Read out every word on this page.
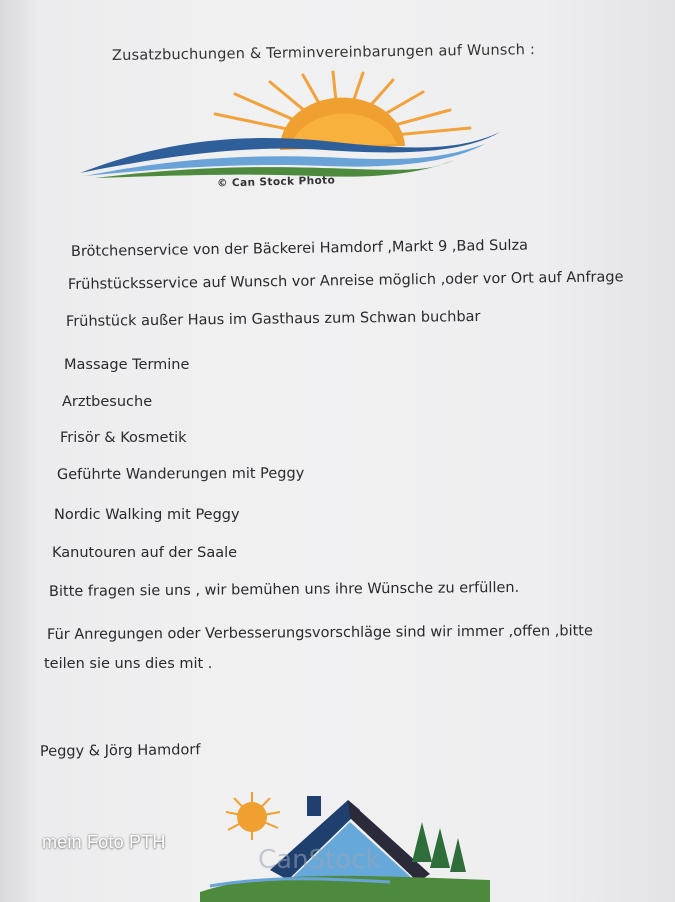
Zusatzbuchungen & Terminvereinbarungen auf Wunsch :
© Can Stock Photo
Brötchenservice von der Bäckerei Hamdorf ,Markt 9 ,Bad Sulza
Frühstücksservice auf Wunsch vor Anreise möglich ,oder vor Ort auf Anfrage
Frühstück außer Haus im Gasthaus zum Schwan buchbar
Massage Termine
Arztbesuche
Frisör & Kosmetik
Geführte Wanderungen mit Peggy
Nordic Walking mit Peggy
Kanutouren auf der Saale
Bitte fragen sie uns , wir bemühen uns ihre Wünsche zu erfüllen.
Für Anregungen oder Verbesserungsvorschläge sind wir immer ,offen ,bitte
teilen sie uns dies mit .
Peggy & Jörg Hamdorf
CanStock
mein Foto PTH
